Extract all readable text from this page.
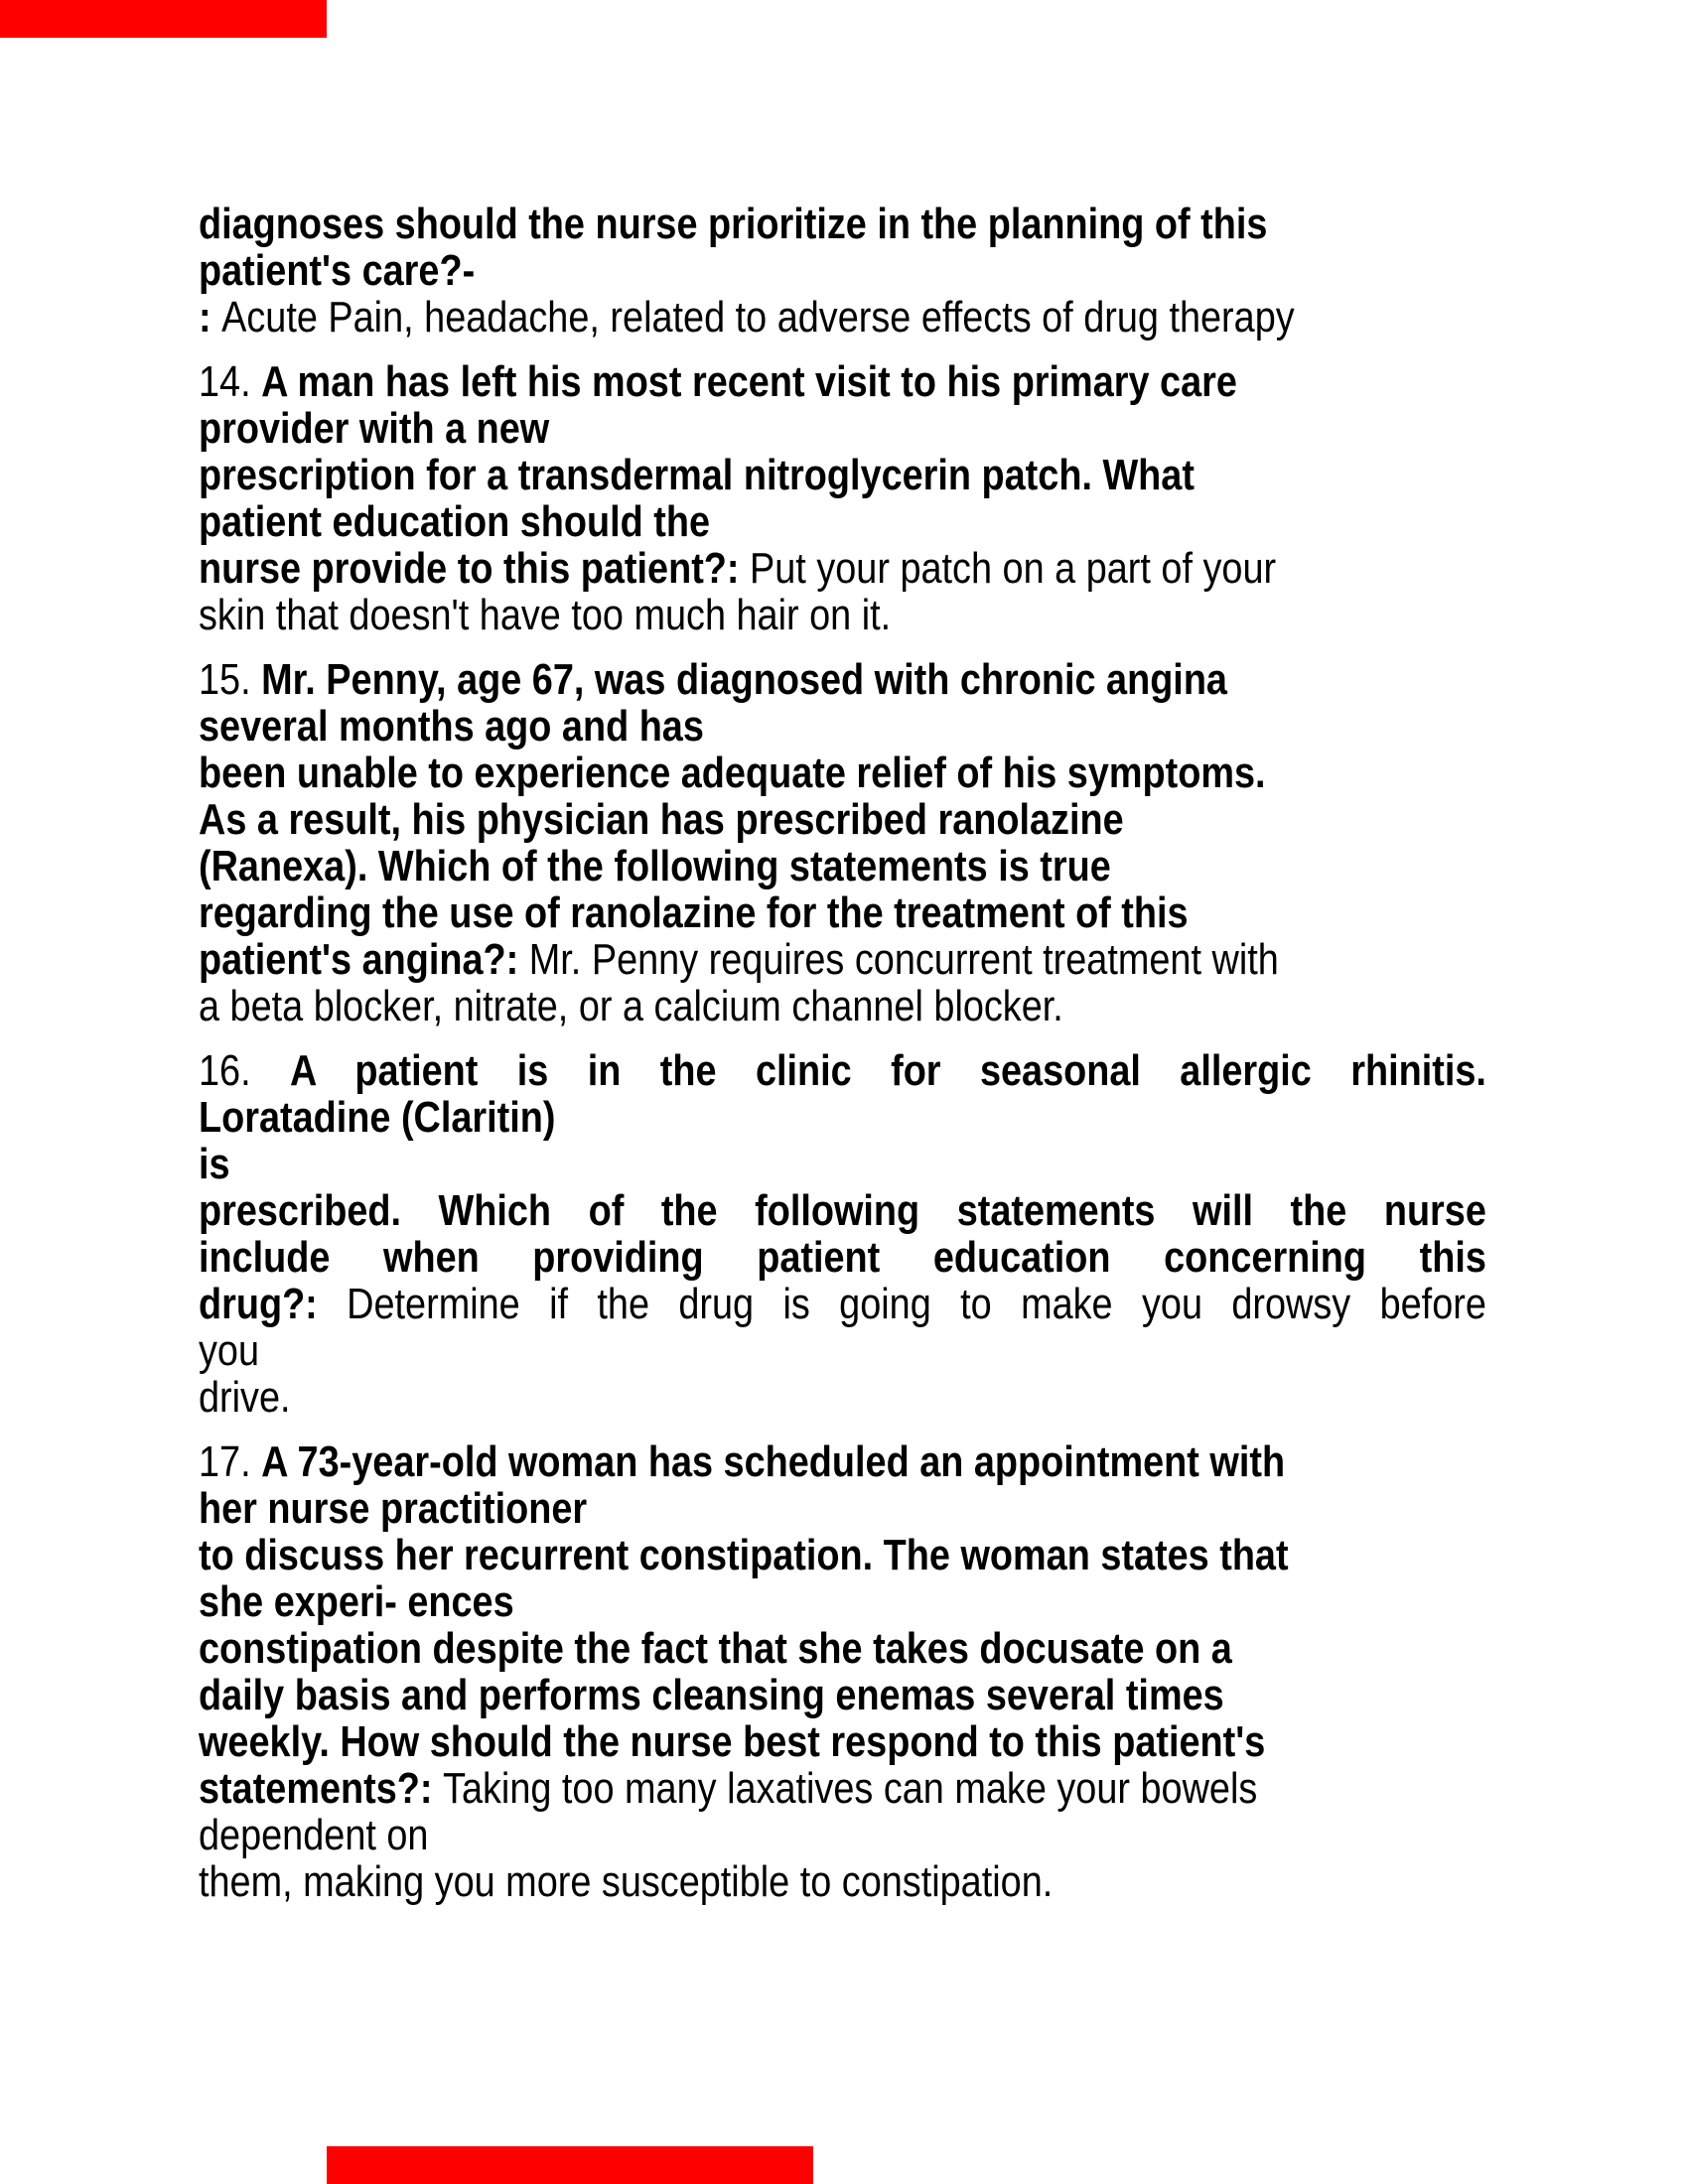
diagnoses should the nurse prioritize in the planning of this
patient's care?-
: Acute Pain, headache, related to adverse effects of drug therapy
14. A man has left his most recent visit to his primary care
provider with a new
prescription for a transdermal nitroglycerin patch. What
patient education should the
nurse provide to this patient?: Put your patch on a part of your
skin that doesn't have too much hair on it.
15. Mr. Penny, age 67, was diagnosed with chronic angina
several months ago and has
been unable to experience adequate relief of his symptoms.
As a result, his physician has prescribed ranolazine
(Ranexa). Which of the following statements is true
regarding the use of ranolazine for the treatment of this
patient's angina?: Mr. Penny requires concurrent treatment with
a beta blocker, nitrate, or a calcium channel blocker.
16. A patient is in the clinic for seasonal allergic rhinitis.
Loratadine (Claritin)
is
prescribed. Which of the following statements will the nurse
include when providing patient education concerning this
drug?: Determine if the drug is going to make you drowsy before
you
drive.
17. A 73-year-old woman has scheduled an appointment with
her nurse practitioner
to discuss her recurrent constipation. The woman states that
she experi- ences
constipation despite the fact that she takes docusate on a
daily basis and performs cleansing enemas several times
weekly. How should the nurse best respond to this patient's
statements?: Taking too many laxatives can make your bowels
dependent on
them, making you more susceptible to constipation.
